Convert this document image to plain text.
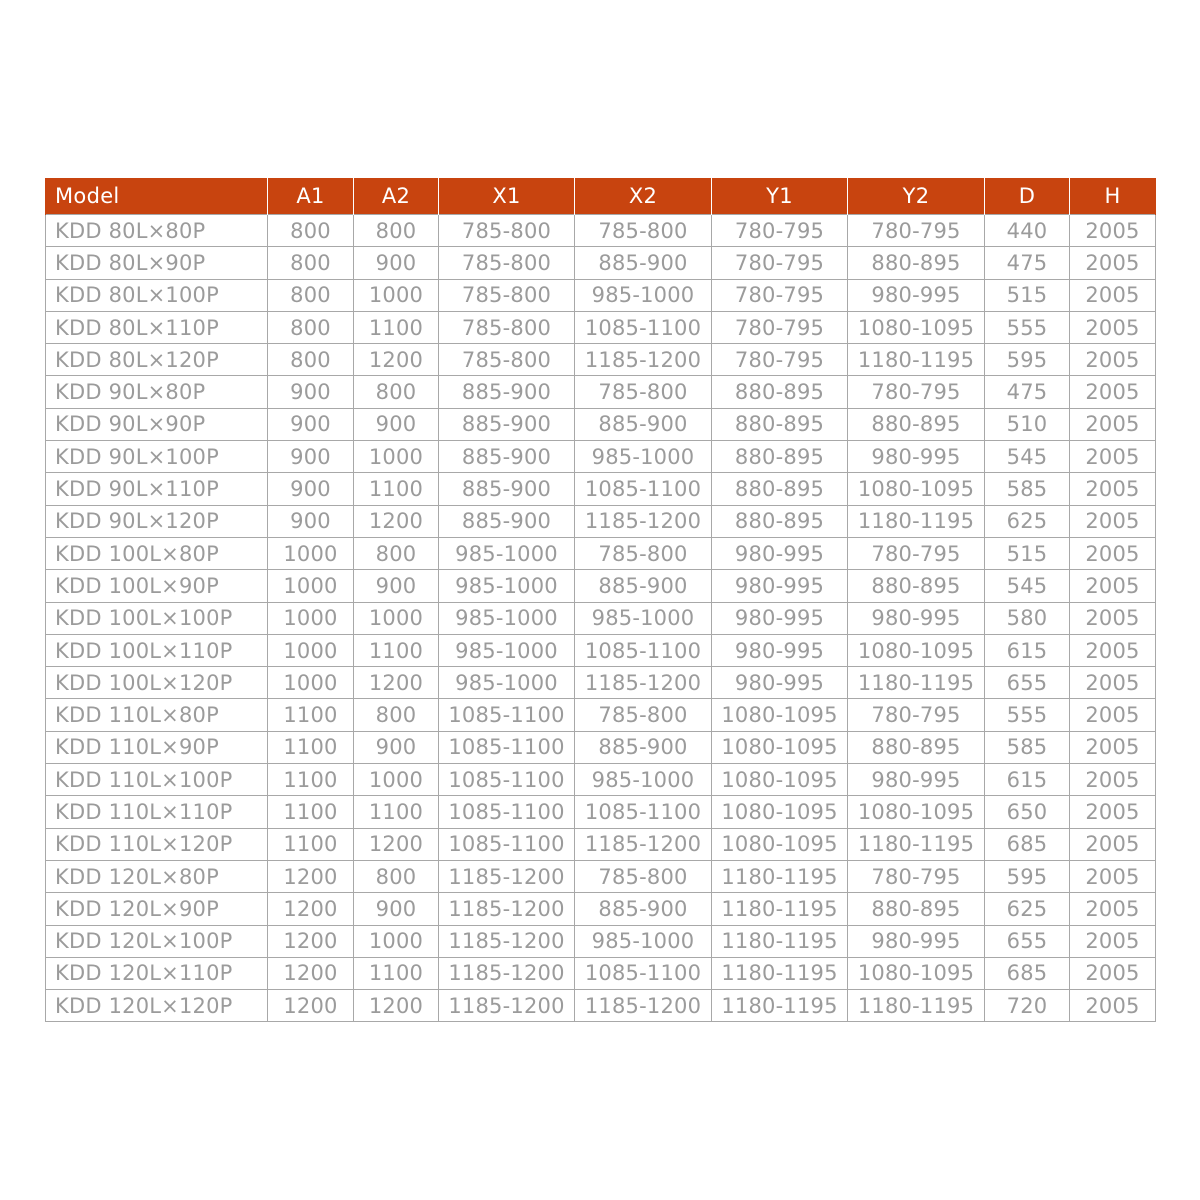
Model	A1	A2	X1	X2	Y1	Y2	D	H
KDD 80L×80P	800	800	785-800	785-800	780-795	780-795	440	2005
KDD 80L×90P	800	900	785-800	885-900	780-795	880-895	475	2005
KDD 80L×100P	800	1000	785-800	985-1000	780-795	980-995	515	2005
KDD 80L×110P	800	1100	785-800	1085-1100	780-795	1080-1095	555	2005
KDD 80L×120P	800	1200	785-800	1185-1200	780-795	1180-1195	595	2005
KDD 90L×80P	900	800	885-900	785-800	880-895	780-795	475	2005
KDD 90L×90P	900	900	885-900	885-900	880-895	880-895	510	2005
KDD 90L×100P	900	1000	885-900	985-1000	880-895	980-995	545	2005
KDD 90L×110P	900	1100	885-900	1085-1100	880-895	1080-1095	585	2005
KDD 90L×120P	900	1200	885-900	1185-1200	880-895	1180-1195	625	2005
KDD 100L×80P	1000	800	985-1000	785-800	980-995	780-795	515	2005
KDD 100L×90P	1000	900	985-1000	885-900	980-995	880-895	545	2005
KDD 100L×100P	1000	1000	985-1000	985-1000	980-995	980-995	580	2005
KDD 100L×110P	1000	1100	985-1000	1085-1100	980-995	1080-1095	615	2005
KDD 100L×120P	1000	1200	985-1000	1185-1200	980-995	1180-1195	655	2005
KDD 110L×80P	1100	800	1085-1100	785-800	1080-1095	780-795	555	2005
KDD 110L×90P	1100	900	1085-1100	885-900	1080-1095	880-895	585	2005
KDD 110L×100P	1100	1000	1085-1100	985-1000	1080-1095	980-995	615	2005
KDD 110L×110P	1100	1100	1085-1100	1085-1100	1080-1095	1080-1095	650	2005
KDD 110L×120P	1100	1200	1085-1100	1185-1200	1080-1095	1180-1195	685	2005
KDD 120L×80P	1200	800	1185-1200	785-800	1180-1195	780-795	595	2005
KDD 120L×90P	1200	900	1185-1200	885-900	1180-1195	880-895	625	2005
KDD 120L×100P	1200	1000	1185-1200	985-1000	1180-1195	980-995	655	2005
KDD 120L×110P	1200	1100	1185-1200	1085-1100	1180-1195	1080-1095	685	2005
KDD 120L×120P	1200	1200	1185-1200	1185-1200	1180-1195	1180-1195	720	2005
